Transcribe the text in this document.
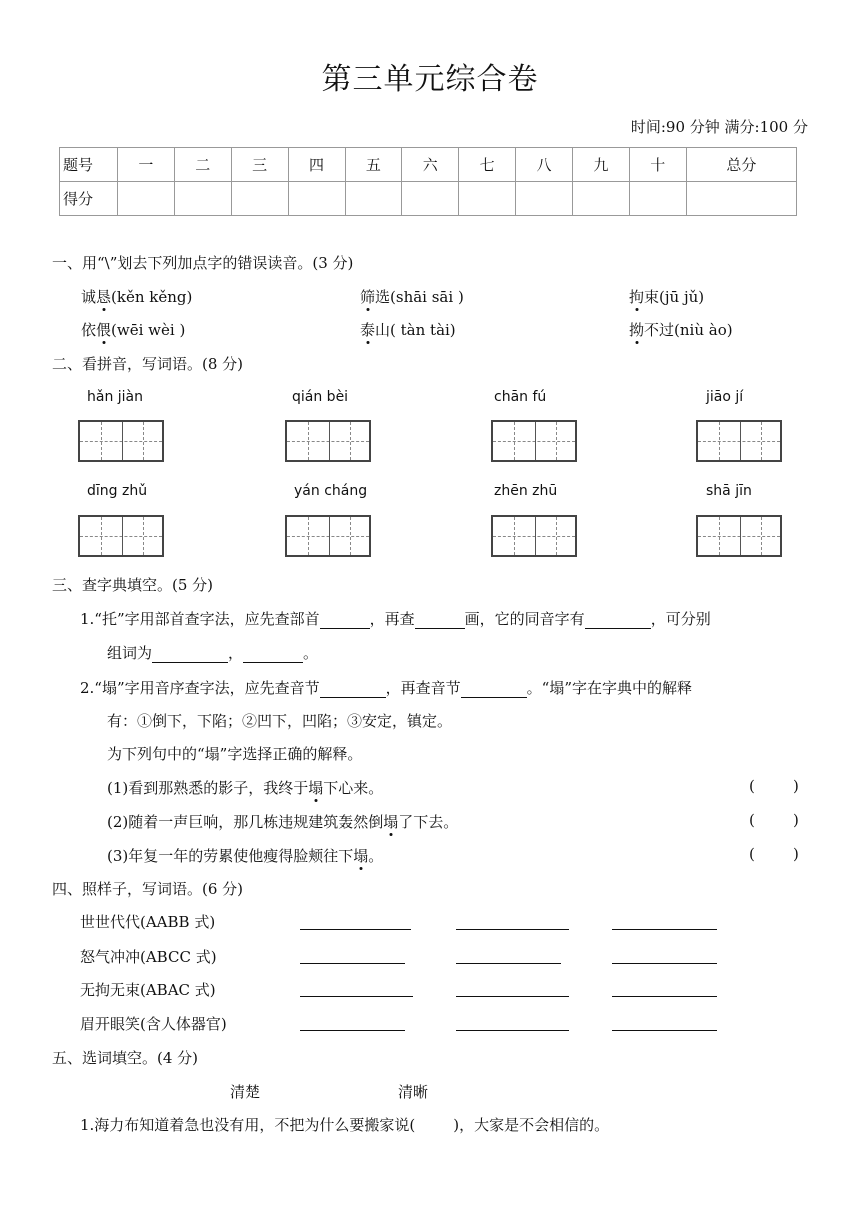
第三单元综合卷
时间:90 分钟 满分:100 分
题号	一	二	三	四	五	六	七	八	九	十	总分
得分											
一、用“\”划去下列加点字的错误读音。(3 分)
诚恳(kěn kěng)	筛选(shāi sāi )	拘束(jū jǔ)
依偎(wēi wèi )	泰山( tàn tài)	拗不过(niù ào)
二、看拼音，写词语。(8 分)
hǎn jiàn	qián bèi	chān fú	jiāo jí
dīng zhǔ	yán cháng	zhēn zhū	shā jīn
三、查字典填空。(5 分)
1.“托”字用部首查字法，应先查部首	，再查	画，它的同音字有	，可分别
组词为	，	。
2.“塌”字用音序查字法，应先查音节	，再查音节	。“塌”字在字典中的解释
有：①倒下，下陷；②凹下，凹陷；③安定，镇定。
为下列句中的“塌”字选择正确的解释。
(1)看到那熟悉的影子，我终于塌下心来。	(        )
(2)随着一声巨响，那几栋违规建筑轰然倒塌了下去。	(        )
(3)年复一年的劳累使他瘦得脸颊往下塌。	(        )
四、照样子，写词语。(6 分)
世世代代(AABB 式)
怒气冲冲(ABCC 式)
无拘无束(ABAC 式)
眉开眼笑(含人体器官)
五、选词填空。(4 分)
清楚	清晰
1.海力布知道着急也没有用，不把为什么要搬家说(        )，大家是不会相信的。
